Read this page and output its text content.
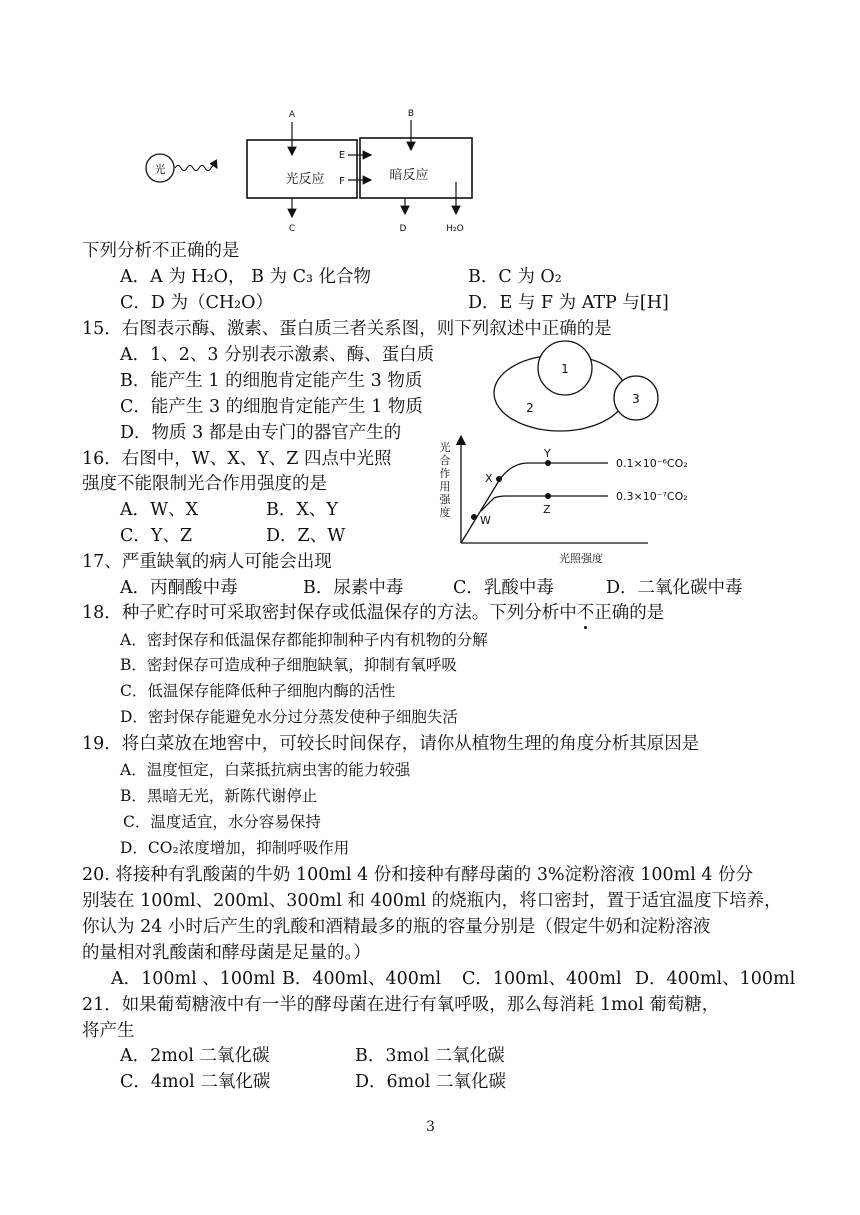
光
光反应	暗反应
A	B
E
F
C	D	H₂O
下列分析不正确的是
A．A 为 H₂O， B 为 C₃ 化合物	B．C 为 O₂
C．D 为（CH₂O）	D．E 与 F 为 ATP 与[H]
15．右图表示酶、激素、蛋白质三者关系图，则下列叙述中正确的是
A．1、2、3 分别表示激素、酶、蛋白质
B．能产生 1 的细胞肯定能产生 3 物质
C．能产生 3 的细胞肯定能产生 1 物质
D．物质 3 都是由专门的器官产生的
1
2
3
16．右图中，W、X、Y、Z 四点中光照
强度不能限制光合作用强度的是
A．W、X	B．X、Y
C．Y、Z	D．Z、W
光
合
作
用
强
度
W
X
Y
Z
0.1×10⁻⁶CO₂
0.3×10⁻⁷CO₂
光照强度
17、严重缺氧的病人可能会出现
A．丙酮酸中毒	B．尿素中毒	C．乳酸中毒	D．二氧化碳中毒
18．种子贮存时可采取密封保存或低温保存的方法。下列分析中不正确的是
A．密封保存和低温保存都能抑制种子内有机物的分解
B．密封保存可造成种子细胞缺氧，抑制有氧呼吸
C．低温保存能降低种子细胞内酶的活性
D．密封保存能避免水分过分蒸发使种子细胞失活
19．将白菜放在地窖中，可较长时间保存，请你从植物生理的角度分析其原因是
A．温度恒定，白菜抵抗病虫害的能力较强
B．黑暗无光，新陈代谢停止
C．温度适宜，水分容易保持
D．CO₂浓度增加，抑制呼吸作用
20. 将接种有乳酸菌的牛奶 100ml 4 份和接种有酵母菌的 3%淀粉溶液 100ml 4 份分
别装在 100ml、200ml、300ml 和 400ml 的烧瓶内，将口密封，置于适宜温度下培养，
你认为 24 小时后产生的乳酸和酒精最多的瓶的容量分别是（假定牛奶和淀粉溶液
的量相对乳酸菌和酵母菌是足量的。）
A．100ml 、100ml B．400ml、400ml C．100ml、400ml D．400ml、100ml
21．如果葡萄糖液中有一半的酵母菌在进行有氧呼吸，那么每消耗 1mol 葡萄糖，
将产生
A．2mol 二氧化碳	B．3mol 二氧化碳
C．4mol 二氧化碳	D．6mol 二氧化碳
3
